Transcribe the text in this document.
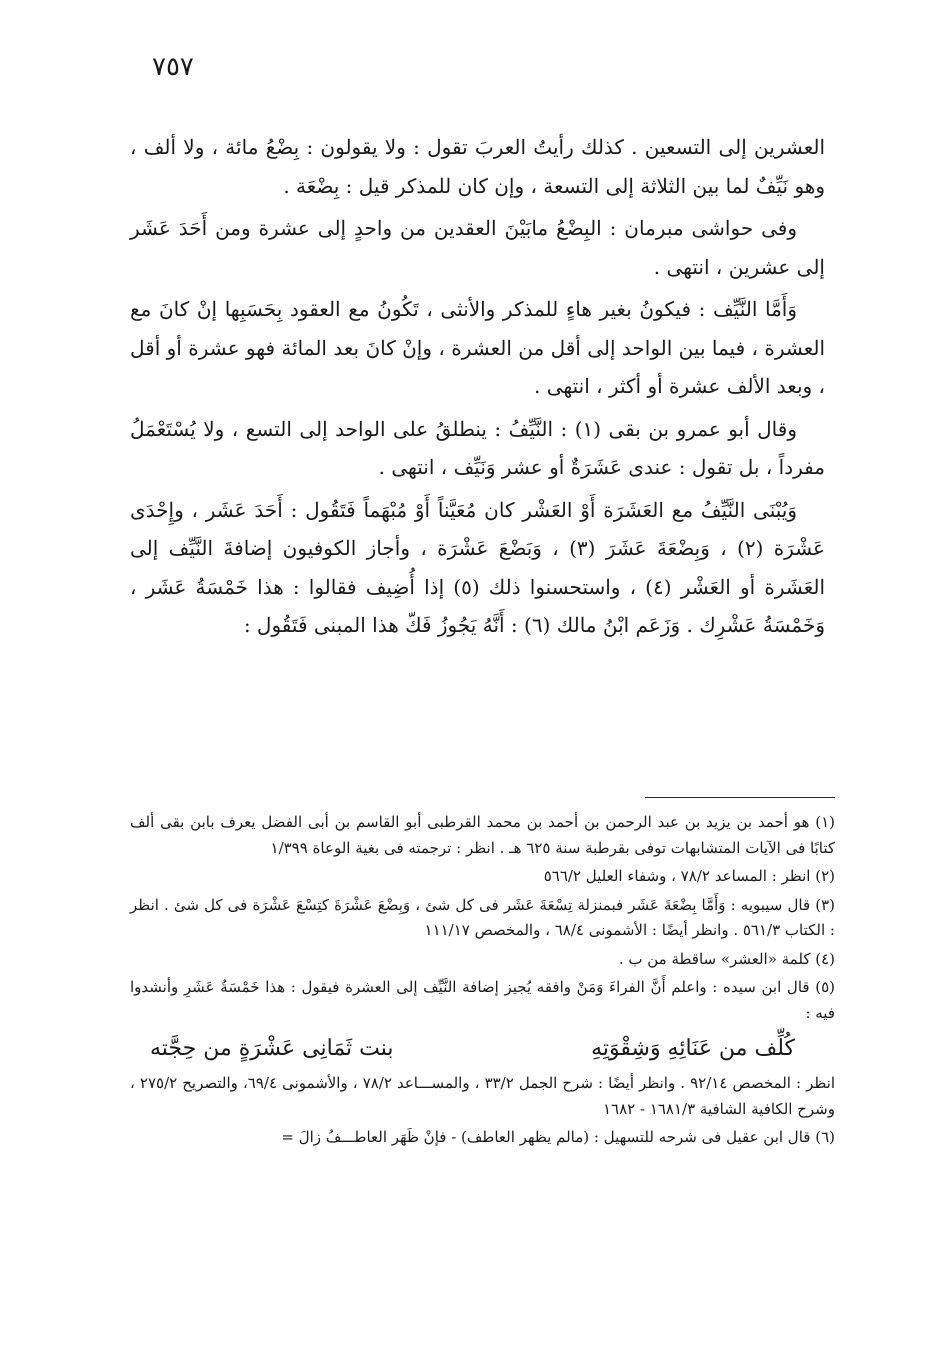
٧٥٧

العشرين إلى التسعين . كذلك رأيتُ العربَ تقول : ولا يقولون : بِضْعُ مائة ، ولا ألف ، وهو نَيِّفٌ لما بين الثلاثة إلى التسعة ، وإن كان للمذكر قيل : بِضْعَة .

وفى حواشى مبرمان : البِضْعُ مابَيْنَ العقدين من واحدٍ إلى عشرة ومن أَحَدَ عَشَر إلى عشرين ، انتهى .

وَأَمَّا النَّيِّف : فيكونُ بغير هاءٍ للمذكر والأنثى ، تَكُونُ مع العقود بِحَسَبِها إنْ كانَ مع العشرة ، فيما بين الواحد إلى أقل من العشرة ، وإنْ كانَ بعد المائة فهو عشرة أو أقل ، وبعد الألف عشرة أو أكثر ، انتهى .

وقال أبو عمرو بن بقى (١) : النَّيِّفُ : ينطلقُ على الواحد إلى التسع ، ولا يُسْتَعْمَلُ مفرداً ، بل تقول : عندى عَشَرَةٌ أو عشر وَنَيِّف ، انتهى .

وَيُبْنَى النَّيِّفُ مع العَشَرَة أَوْ العَشْر كان مُعَيَّناً أَوْ مُبْهَماً فَتَقُول : أَحَدَ عَشَر ، وإِحْدَى عَشْرَة (٢) ، وَبِضْعَةَ عَشَرَ (٣) ، وَبَضْعَ عَشْرَة ، وأجاز الكوفيون إضافةَ النَّيِّف إلى العَشَرة أو العَشْر (٤) ، واستحسنوا ذلك (٥) إذا أُضِيف فقالوا : هذا خَمْسَةُ عَشَر ، وَخَمْسَةُ عَشْرِك . وَزَعَم ابْنُ مالك (٦) : أَنَّهُ يَجُوزُ فَكّ هذا المبنى فَتَقُول :

(١) هو أحمد بن يزيد بن عبد الرحمن بن أحمد بن محمد القرطبى أبو القاسم بن أبى الفضل يعرف بابن بقى ألف كتابًا فى الآيات المتشابهات توفى بقرطبة سنة ٦٢٥ هـ . انظر : ترجمته فى بغية الوعاة ١/٣٩٩

(٢) انظر : المساعد ٧٨/٢ ، وشفاء العليل ٥٦٦/٢

(٣) قال سيبويه : وَأَمَّا بِضْعَةَ عَشَر فبمنزلة تِسْعَةَ عَشَر فى كل شئ ، وَبِضْعَ عَشْرَةَ كتِسْعَ عَشْرَة فى كل شئ . انظر : الكتاب ٥٦١/٣ . وانظر أيضًا : الأشمونى ٦٨/٤ ، والمخصص ١١١/١٧

(٤) كلمة «العشر» ساقطة من ب .

(٥) قال ابن سيده : واعلم أَنَّ الفراءَ وَمَنْ وافقه يُجيز إضافة النَّيِّف إلى العشرة فيقول : هذا خَمْسَةُ عَشَرِ وأنشدوا فيه :

كُلِّف من عَنَائِهِ وَشِقْوَتِهِ
بنت ثَمَانِى عَشْرَةٍ من حِجَّته

انظر : المخصص ٩٢/١٤ . وانظر أيضًا : شرح الجمل ٣٣/٢ ، والمســـاعد ٧٨/٢ ، والأشمونى ٦٩/٤، والتصريح ٢٧٥/٢ ، وشرح الكافية الشافية ١٦٨١/٣ - ١٦٨٢

(٦) قال ابن عقيل فى شرحه للتسهيل : (مالم يظهر العاطف) - فإنْ ظَهَر العاطـــفُ زالَ =
